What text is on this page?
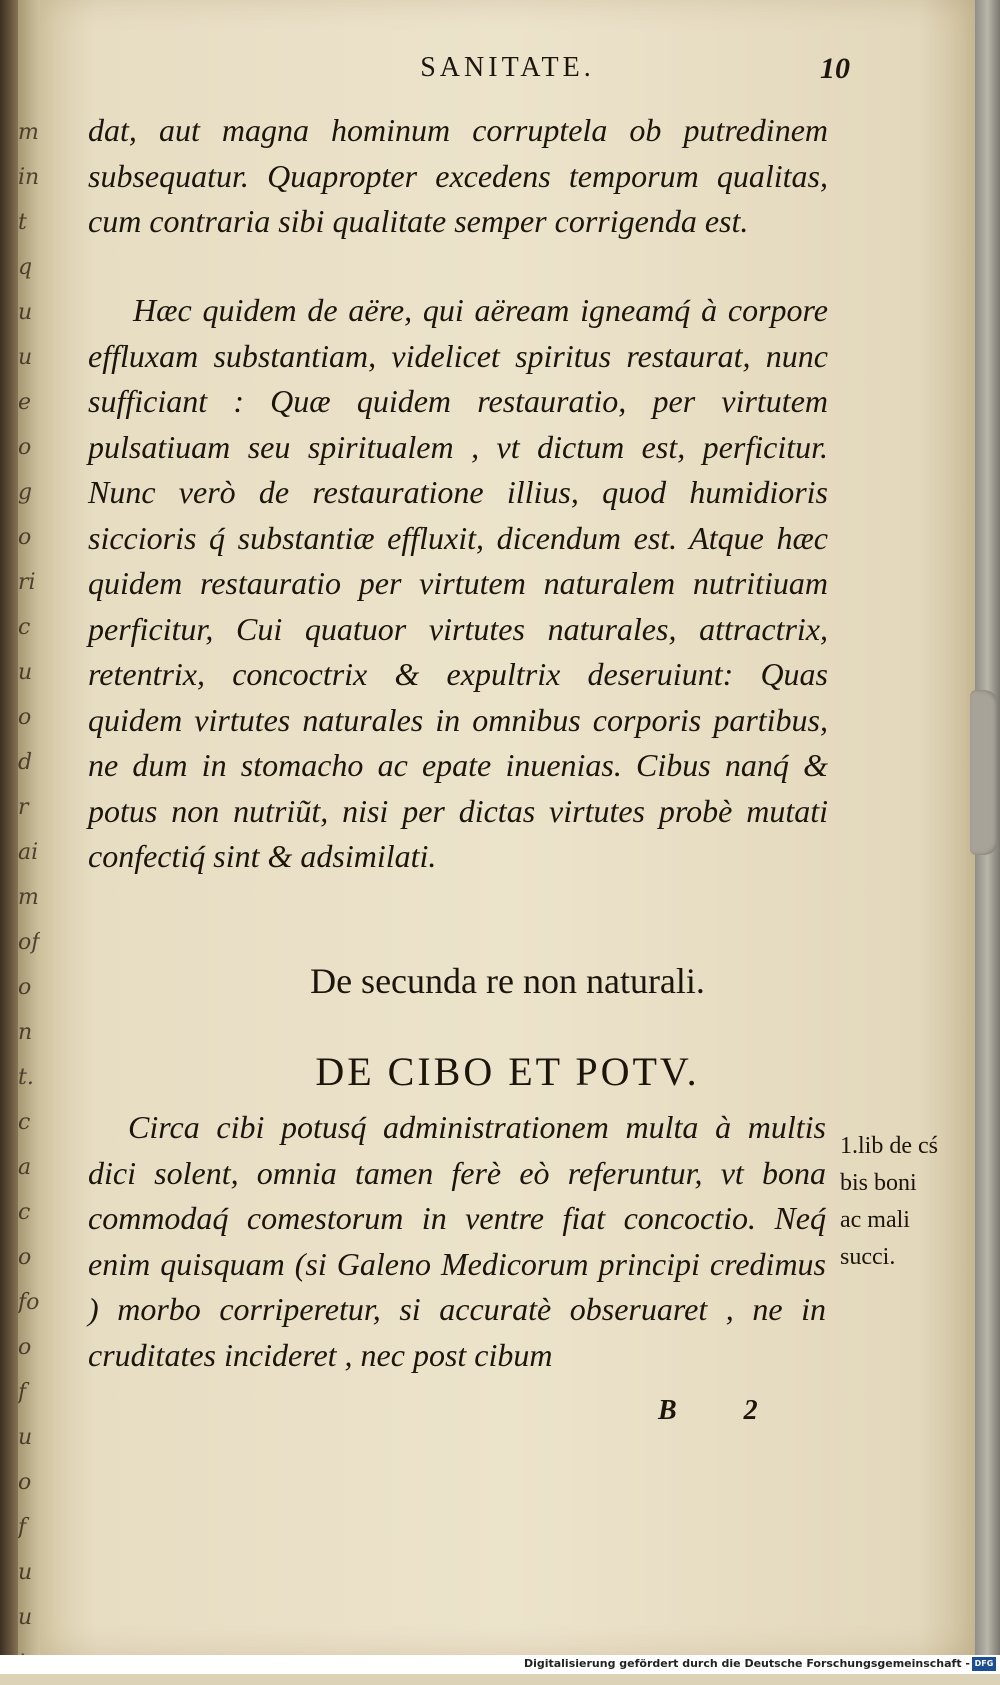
mintqu ueogoricu odraim ofont.ca co foo fuo fu u
SANITATE.	10

dat, aut magna hominum corruptela ob putredinem subsequatur. Quapropter excedens temporum qualitas, cum contraria sibi qualitate semper corrigenda est.

Hæc quidem de aëre, qui aëream igneamq́ à corpore effluxam substantiam, videlicet spiritus restaurat, nunc sufficiant : Quæ quidem restauratio, per virtutem pulsatiuam seu spiritualem , vt dictum est, perficitur. Nunc verò de restauratione illius, quod humidioris siccioris q́ substantiæ effluxit, dicendum est. Atque hæc quidem restauratio per virtutem naturalem nutritiuam perficitur, Cui quatuor virtutes naturales, attractrix, retentrix, concoctrix & expultrix deseruiunt: Quas quidem virtutes naturales in omnibus corporis partibus, ne dum in stomacho ac epate inuenias. Cibus nanq́ & potus non nutriũt, nisi per dictas virtutes probè mutati confectiq́ sint & adsimilati.

De secunda re non naturali.
DE CIBO ET POTV.

Circa cibi potusq́ administrationem multa à multis dici solent, omnia tamen ferè eò referuntur, vt bona commodaq́ comestorum in ventre fiat concoctio. Neq́ enim quisquam (si Galeno Medicorum principi credimus ) morbo corriperetur, si accuratè obseruaret , ne in cruditates incideret , nec post cibum

1.lib de cś
bis boni
ac mali
succi.
B 2
Digitalisierung gefördert durch die Deutsche Forschungsgemeinschaft - DFG
